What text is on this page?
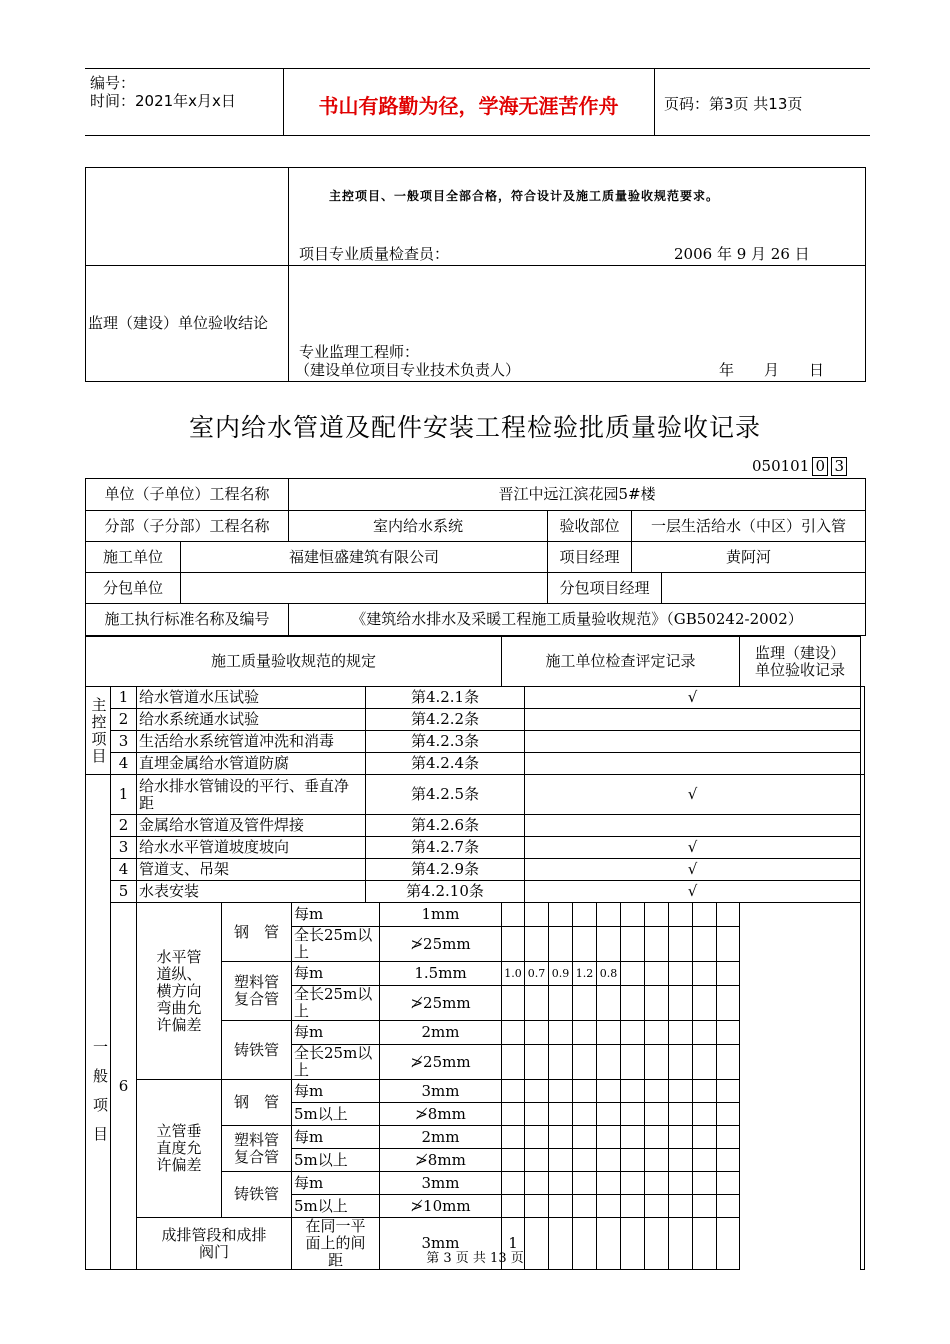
编号：
时间：2021年x月x日	书山有路勤为径，学海无涯苦作舟	页码：第3页 共13页

	主控项目、一般项目全部合格，符合设计及施工质量验收规范要求。
项目专业质量检查员： 2006 年 9 月 26 日

监理（建设）单位验收结论	专业监理工程师：
（建设单位项目专业技术负责人） 年　　月　　日
室内给水管道及配件安装工程检验批质量验收记录
050101 0 3
单位（子单位）工程名称		晋江中远江滨花园5#楼			
分部（子分部）工程名称		室内给水系统	验收部位	一层生活给水（中区）引入管	
施工单位	福建恒盛建筑有限公司		项目经理	黄阿河	
分包单位			分包项目经理		
施工执行标准名称及编号		《建筑给水排水及采暖工程施工质量验收规范》（GB50242-2002）			
施工质量验收规范的规定							施工单位检查评定记录										监理（建设）
单位验收记录	

主控项目	1	给水管道水压试验			第4.2.1条			√										
	2	给水系统通水试验			第4.2.2条													
	3	生活给水系统管道冲洗和消毒			第4.2.3条													
	4	直埋金属给水管道防腐			第4.2.4条													
一般项目	1	给水排水管铺设的平行、垂直净距			第4.2.5条			√										
	2	金属给水管道及管件焊接			第4.2.6条													
	3	给水水平管道坡度坡向			第4.2.7条			√										
	4	管道支、吊架			第4.2.9条			√										
	5	水表安装			第4.2.10条			√										
	6	水平管道纵、横方向弯曲允许偏差	钢　管	每m		1mm												
				全长25m以上		≯25mm												
			塑料管复合管	每m		1.5mm	1.0	0.7	0.9	1.2	0.8							
				全长25m以上		≯25mm												
			铸铁管	每m		2mm												
				全长25m以上		≯25mm												
		立管垂直度允许偏差	钢　管	每m		3mm												
				5m以上		≯8mm												
			塑料管复合管	每m		2mm												
				5m以上		≯8mm												
			铸铁管	每m		3mm												
				5m以上		≯10mm												
		成排管段和成排阀门		在同一平面上的间距		3mm	1											
第 3 页 共 13 页
